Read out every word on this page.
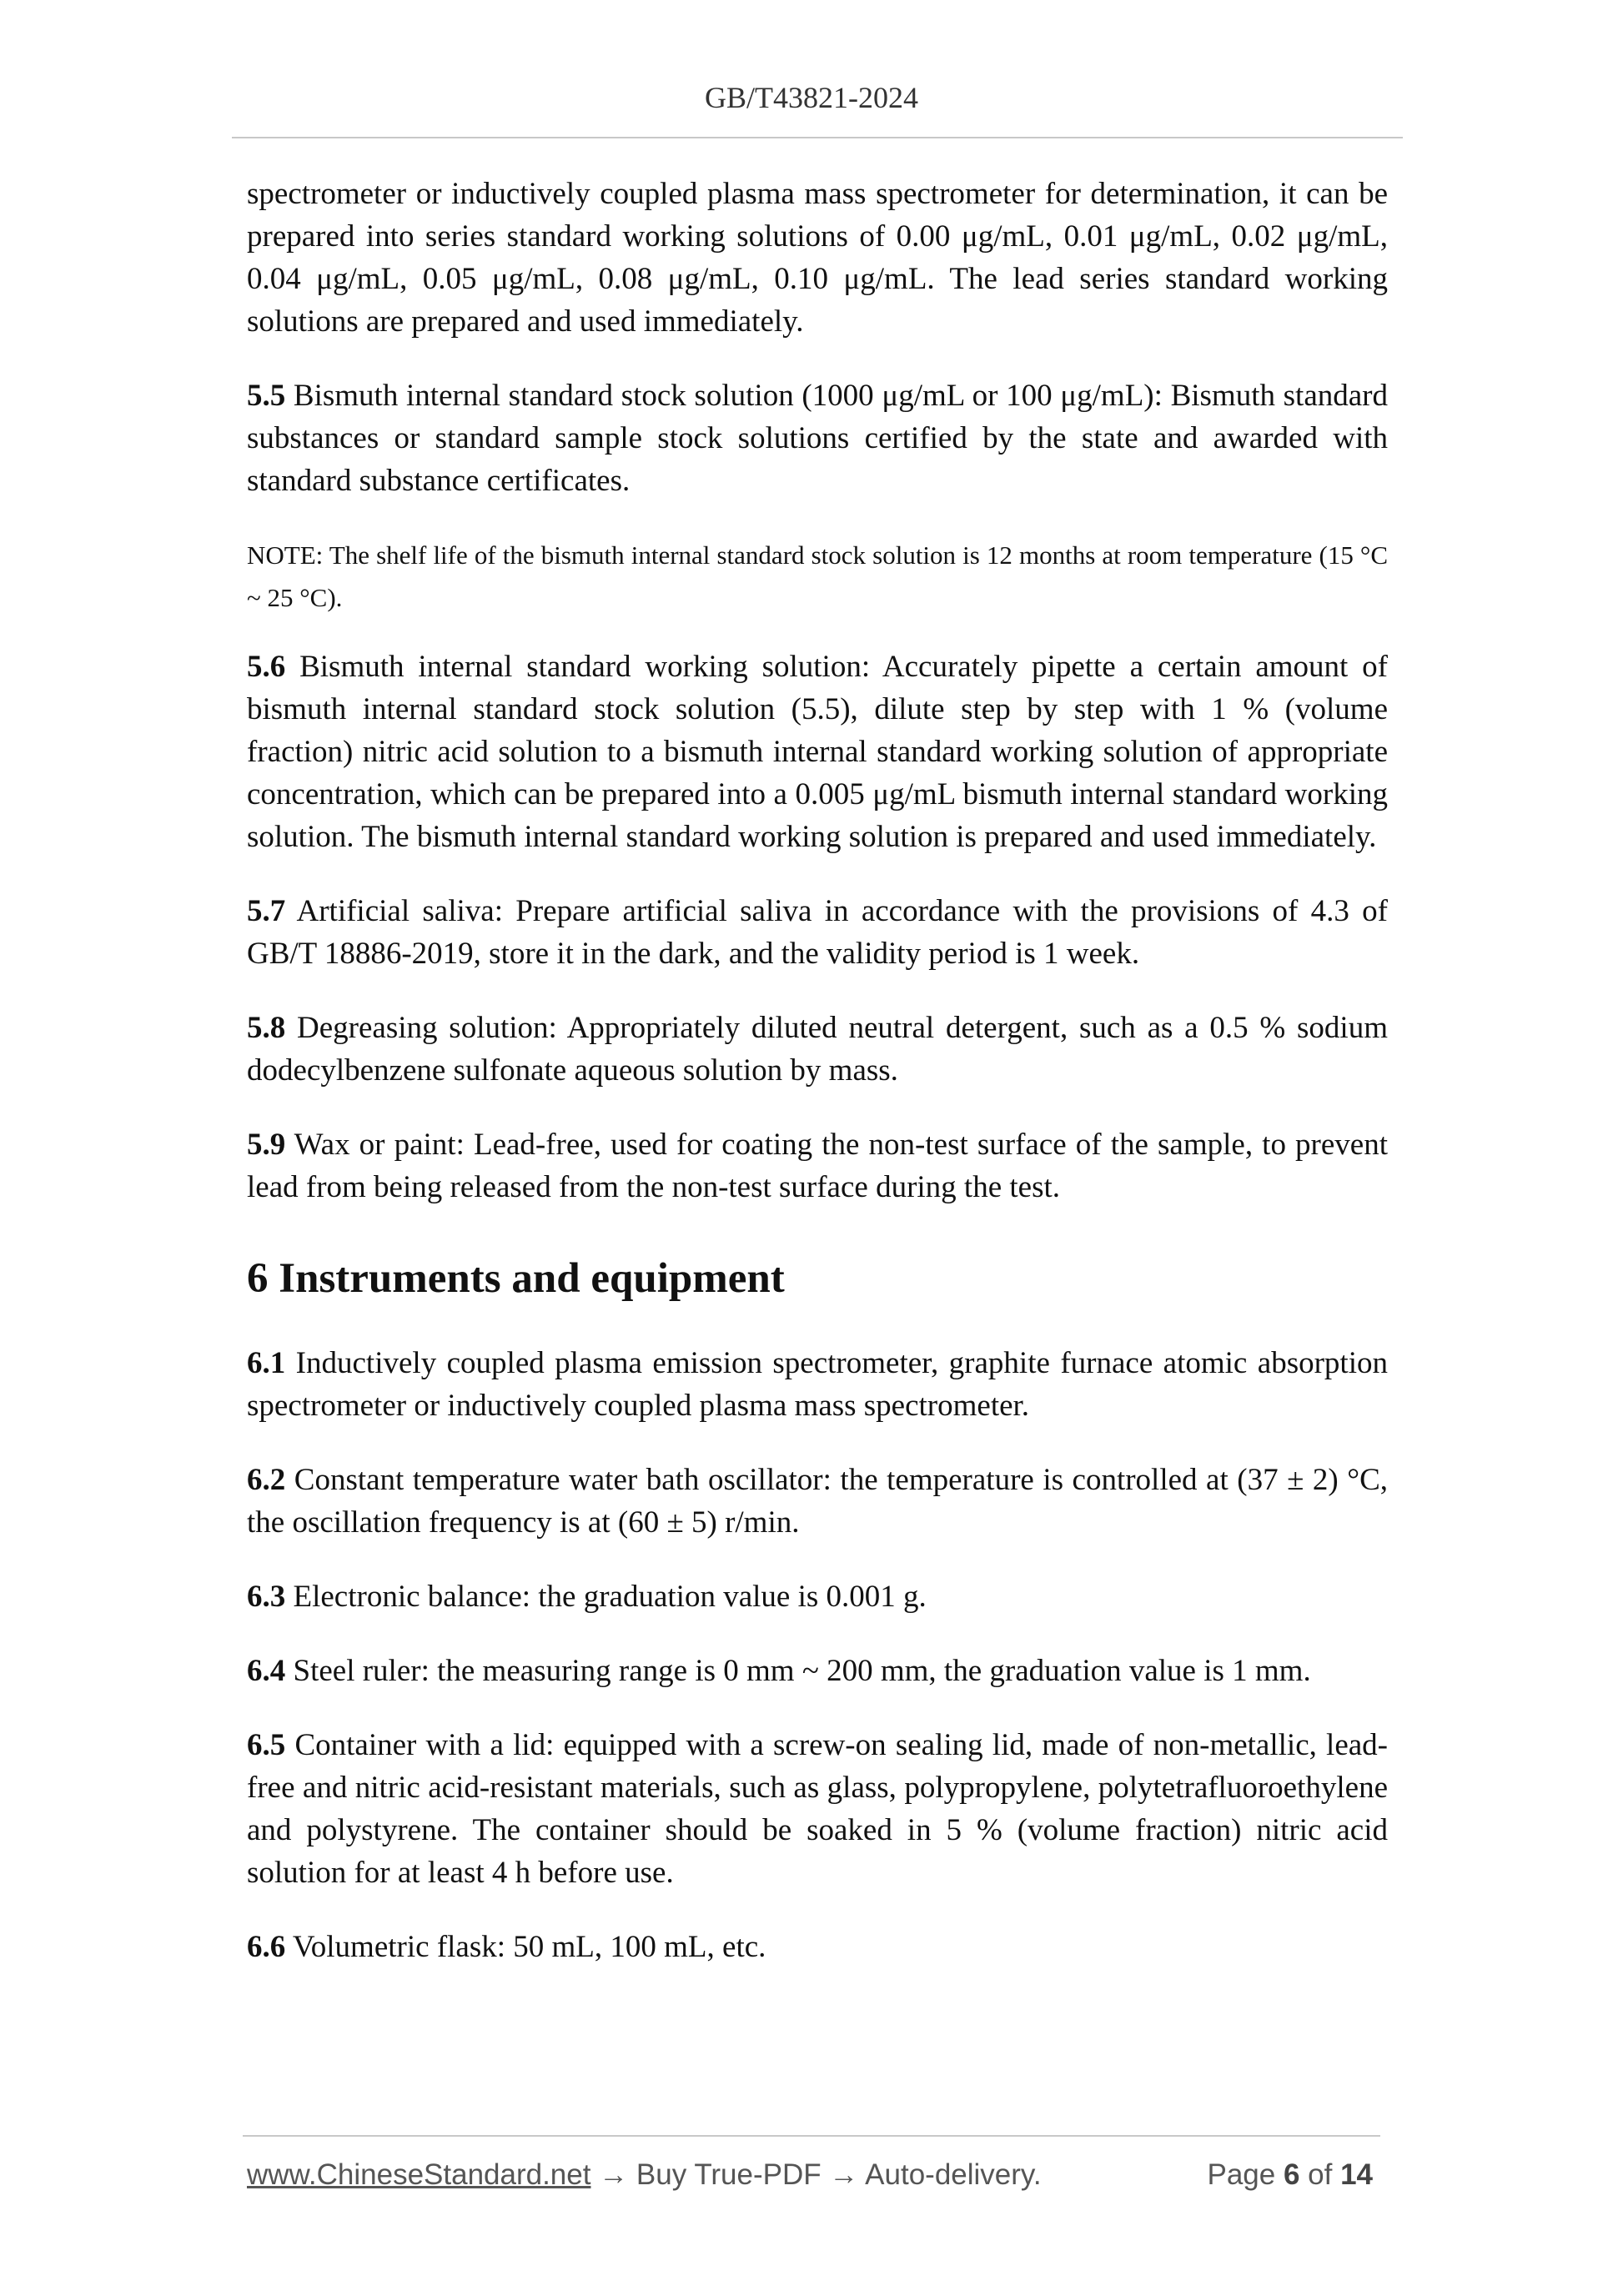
GB/T43821-2024

spectrometer or inductively coupled plasma mass spectrometer for determination, it can be prepared into series standard working solutions of 0.00 μg/mL, 0.01 μg/mL, 0.02 μg/mL, 0.04 μg/mL, 0.05 μg/mL, 0.08 μg/mL, 0.10 μg/mL. The lead series standard working solutions are prepared and used immediately.

5.5 Bismuth internal standard stock solution (1000 μg/mL or 100 μg/mL): Bismuth standard substances or standard sample stock solutions certified by the state and awarded with standard substance certificates.

NOTE: The shelf life of the bismuth internal standard stock solution is 12 months at room temperature (15 °C ~ 25 °C).

5.6 Bismuth internal standard working solution: Accurately pipette a certain amount of bismuth internal standard stock solution (5.5), dilute step by step with 1 % (volume fraction) nitric acid solution to a bismuth internal standard working solution of appropriate concentration, which can be prepared into a 0.005 μg/mL bismuth internal standard working solution. The bismuth internal standard working solution is prepared and used immediately.

5.7 Artificial saliva: Prepare artificial saliva in accordance with the provisions of 4.3 of GB/T 18886-2019, store it in the dark, and the validity period is 1 week.

5.8 Degreasing solution: Appropriately diluted neutral detergent, such as a 0.5 % sodium dodecylbenzene sulfonate aqueous solution by mass.

5.9 Wax or paint: Lead-free, used for coating the non-test surface of the sample, to prevent lead from being released from the non-test surface during the test.

6 Instruments and equipment

6.1 Inductively coupled plasma emission spectrometer, graphite furnace atomic absorption spectrometer or inductively coupled plasma mass spectrometer.

6.2 Constant temperature water bath oscillator: the temperature is controlled at (37 ± 2) °C, the oscillation frequency is at (60 ± 5) r/min.

6.3 Electronic balance: the graduation value is 0.001 g.

6.4 Steel ruler: the measuring range is 0 mm ~ 200 mm, the graduation value is 1 mm.

6.5 Container with a lid: equipped with a screw-on sealing lid, made of non-metallic, lead-free and nitric acid-resistant materials, such as glass, polypropylene, polytetrafluoroethylene and polystyrene. The container should be soaked in 5 % (volume fraction) nitric acid solution for at least 4 h before use.

6.6 Volumetric flask: 50 mL, 100 mL, etc.

www.ChineseStandard.net → Buy True-PDF → Auto-delivery.	Page 6 of 14
